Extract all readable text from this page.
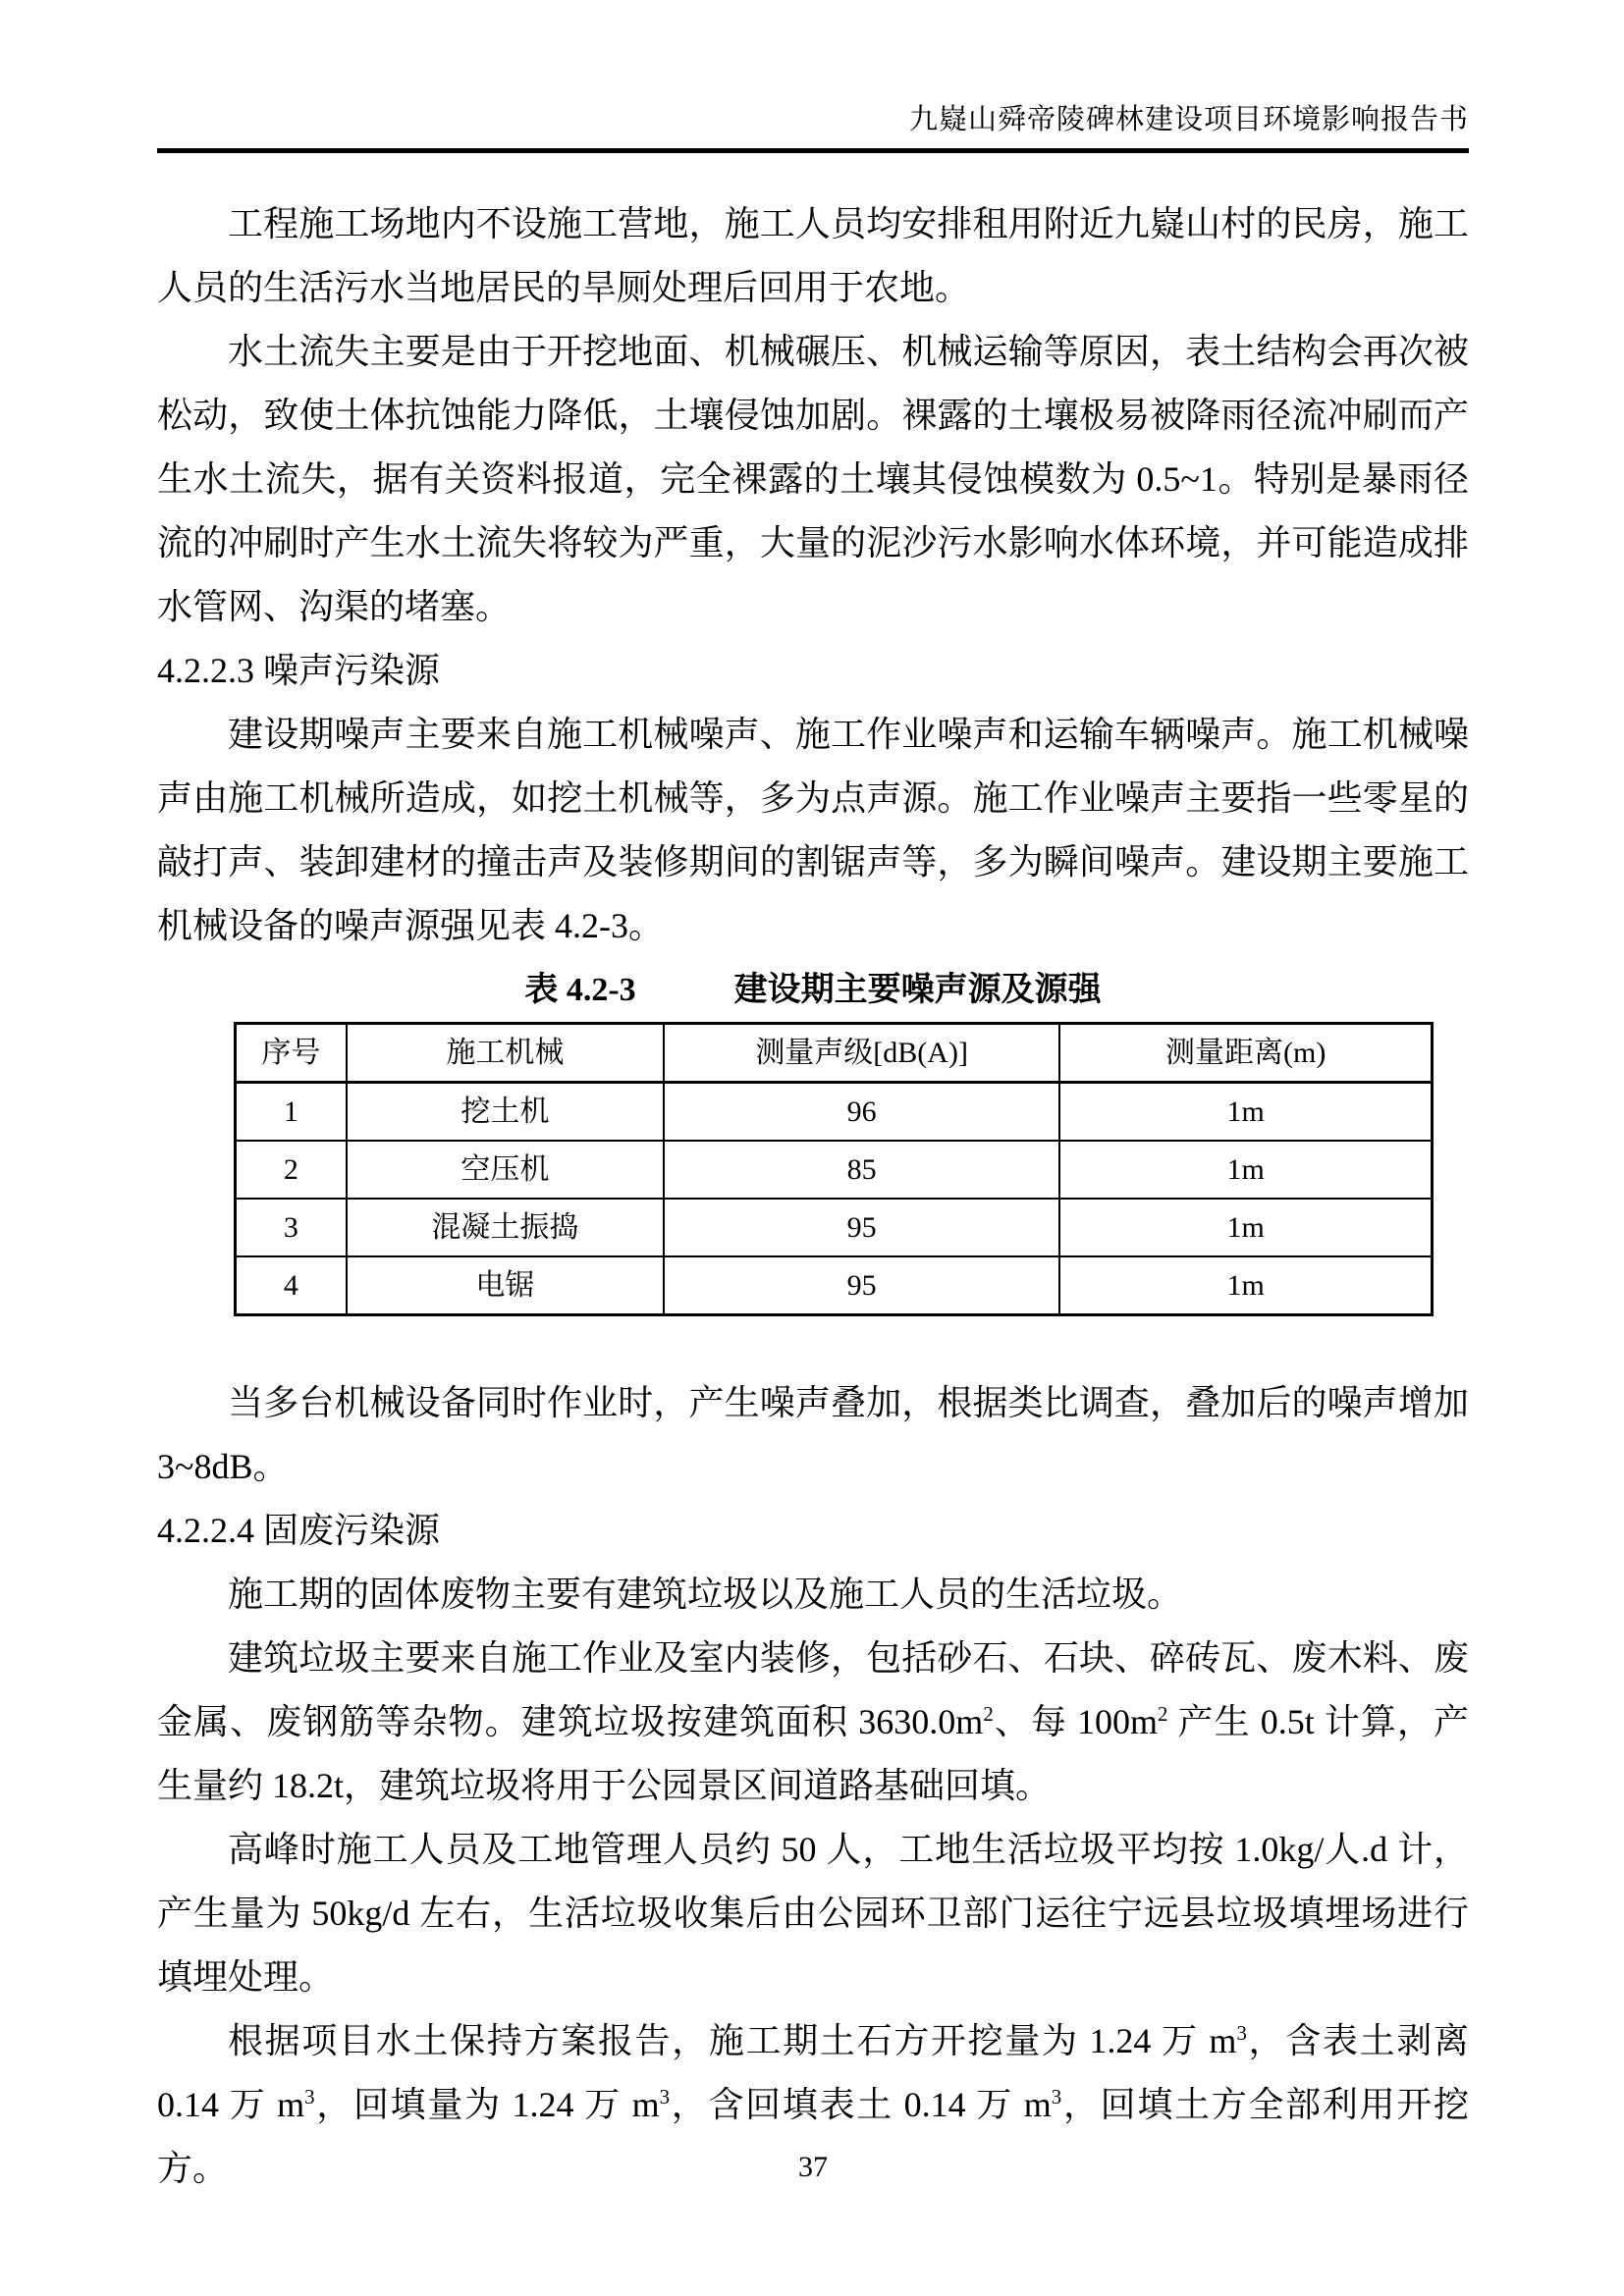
九嶷山舜帝陵碑林建设项目环境影响报告书

工程施工场地内不设施工营地，施工人员均安排租用附近九嶷山村的民房，施工人员的生活污水当地居民的旱厕处理后回用于农地。

水土流失主要是由于开挖地面、机械碾压、机械运输等原因，表土结构会再次被松动，致使土体抗蚀能力降低，土壤侵蚀加剧。裸露的土壤极易被降雨径流冲刷而产生水土流失，据有关资料报道，完全裸露的土壤其侵蚀模数为 0.5~1。特别是暴雨径流的冲刷时产生水土流失将较为严重，大量的泥沙污水影响水体环境，并可能造成排水管网、沟渠的堵塞。

4.2.2.3 噪声污染源

建设期噪声主要来自施工机械噪声、施工作业噪声和运输车辆噪声。施工机械噪声由施工机械所造成，如挖土机械等，多为点声源。施工作业噪声主要指一些零星的敲打声、装卸建材的撞击声及装修期间的割锯声等，多为瞬间噪声。建设期主要施工机械设备的噪声源强见表 4.2-3。

表 4.2-3	建设期主要噪声源及源强

序号	施工机械	测量声级[dB(A)]	测量距离(m)
1	挖土机	96	1m
2	空压机	85	1m
3	混凝土振捣	95	1m
4	电锯	95	1m

当多台机械设备同时作业时，产生噪声叠加，根据类比调查，叠加后的噪声增加 3~8dB。

4.2.2.4 固废污染源

施工期的固体废物主要有建筑垃圾以及施工人员的生活垃圾。

建筑垃圾主要来自施工作业及室内装修，包括砂石、石块、碎砖瓦、废木料、废金属、废钢筋等杂物。建筑垃圾按建筑面积 $3630.0m^2$、每 $100m^2$ 产生 0.5t 计算，产生量约 18.2t，建筑垃圾将用于公园景区间道路基础回填。

高峰时施工人员及工地管理人员约 50 人，工地生活垃圾平均按 1.0kg/人.d 计，产生量为 50kg/d 左右，生活垃圾收集后由公园环卫部门运往宁远县垃圾填埋场进行填埋处理。

根据项目水土保持方案报告，施工期土石方开挖量为 1.24 万 $m^3$，含表土剥离 0.14 万 $m^3$，回填量为 1.24 万 $m^3$，含回填表土 0.14 万 $m^3$，回填土方全部利用开挖方。	37
